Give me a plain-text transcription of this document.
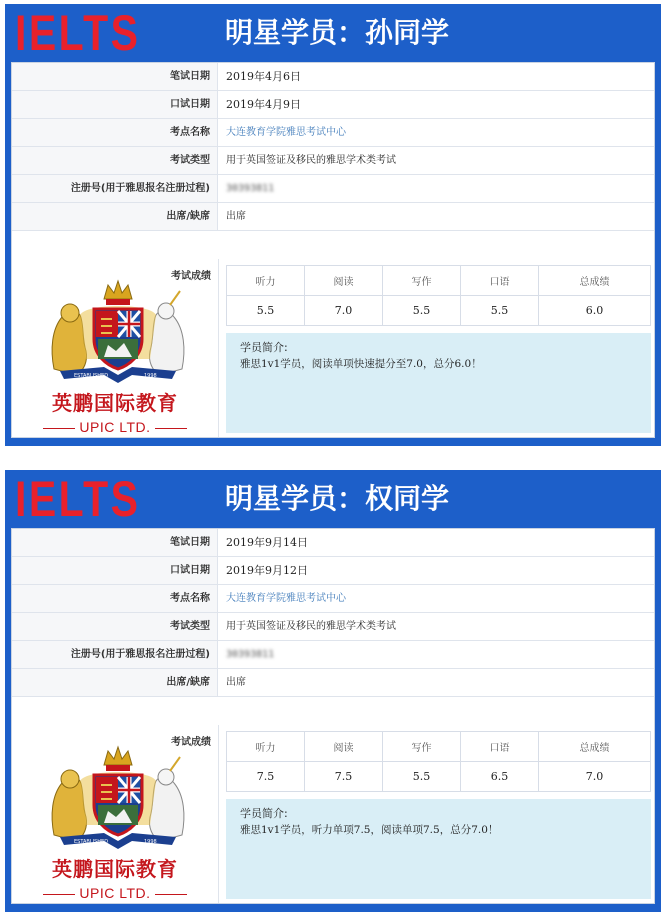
IELTS	明星学员：孙同学
笔试日期	2019年4月6日
口试日期	2019年4月9日
考点名称	大连教育学院雅思考试中心
考试类型	用于英国签证及移民的雅思学术类考试
注册号(用于雅思报名注册过程)	30393811
出席/缺席	出席
考试成绩
ESTABLISHED	1998
英鹏国际教育
UPIC LTD.
听力	阅读	写作	口语	总成绩
5.5	7.0	5.5	5.5	6.0
学员简介:
雅思1v1学员，阅读单项快速提分至7.0，总分6.0！
IELTS	明星学员：权同学
笔试日期	2019年9月14日
口试日期	2019年9月12日
考点名称	大连教育学院雅思考试中心
考试类型	用于英国签证及移民的雅思学术类考试
注册号(用于雅思报名注册过程)	30393811
出席/缺席	出席
考试成绩
ESTABLISHED	1998
英鹏国际教育
UPIC LTD.
听力	阅读	写作	口语	总成绩
7.5	7.5	5.5	6.5	7.0
学员简介:
雅思1v1学员，听力单项7.5，阅读单项7.5，总分7.0！
